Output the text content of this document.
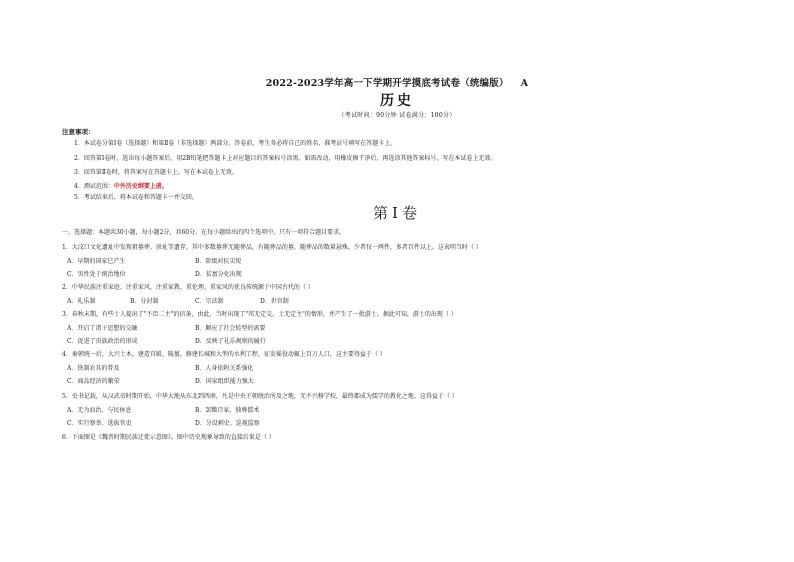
2022-2023学年高一下学期开学摸底考试卷（统编版） A
历史
（考试时间：90分钟 试卷满分：100分）
注意事项：
1．本试卷分第Ⅰ卷（选择题）和第Ⅱ卷（非选择题）两部分。答卷前，考生务必将自己的姓名、准考证号填写在答题卡上。
2．回答第Ⅰ卷时，选出每小题答案后，用2B铅笔把答题卡上对应题目的答案标号涂黑。如需改动，用橡皮擦干净后，再选涂其他答案标号。写在本试卷上无效。
3．回答第Ⅱ卷时，将答案写在答题卡上。写在本试卷上无效。
4．测试范围：中外历史纲要上册。
5．考试结束后，将本试卷和答题卡一并交回。
第Ⅰ卷
一、选择题：本题共30小题，每小题2分，共60分。在每小题给出的四个选项中，只有一项符合题目要求。
1．大汶口文化遗址中发现祖墓葬、房址等遗存，其中多数墓葬无随葬品，有随葬品的墓，随葬品的数量悬殊，少者仅一两件，多者百件以上。这表明当时（ ）
A．早期的国家已产生	B．阶级对抗尖锐
C．男性处于统治地位	D．贫富分化出现
2．中华民族注重家庭、注重家风，注重家教、重伦理、重家风的优良传统源于中国古代的（ ）
A．礼乐制	B．分封制	C．宗法制	D．世官制
3．春秋末期，有些士人提出了"不臣二主"的信条，由此，当时出现了"邦无定交，士无定主"的情形，并产生了一批游士。据此可知，游士的出现（ ）
A．开启了诸子思想的交融	B．顺应了社会转型的需要
C．促进了贵族政治的形成	D．反映了礼乐规则的履行
4．秦朝统一后，大兴土木，建造宫殿、陵墓，修建长城和大型的水利工程，征发徭役动辄上百万人口，这主要得益于（ ）
A．铁制农具的普及	B．人身依附关系强化
C．商品经济的繁荣	D．国家组织能力强大
5．史书记载，从汉武帝时期开始，中华大地从东北到西南，凡是中央王朝统治所及之地，无不兴修学校，最终都成为儒学的教化之地。这得益于（ ）
A．无为而治、与民休息	B．罢黜百家、独尊儒术
C．实行察举、选拔官吏	D．分设刺史、巡视监察
6．下面图是《魏晋时期民族迁徙示意图》。图中历史现象导致的直接后果是（ ）
